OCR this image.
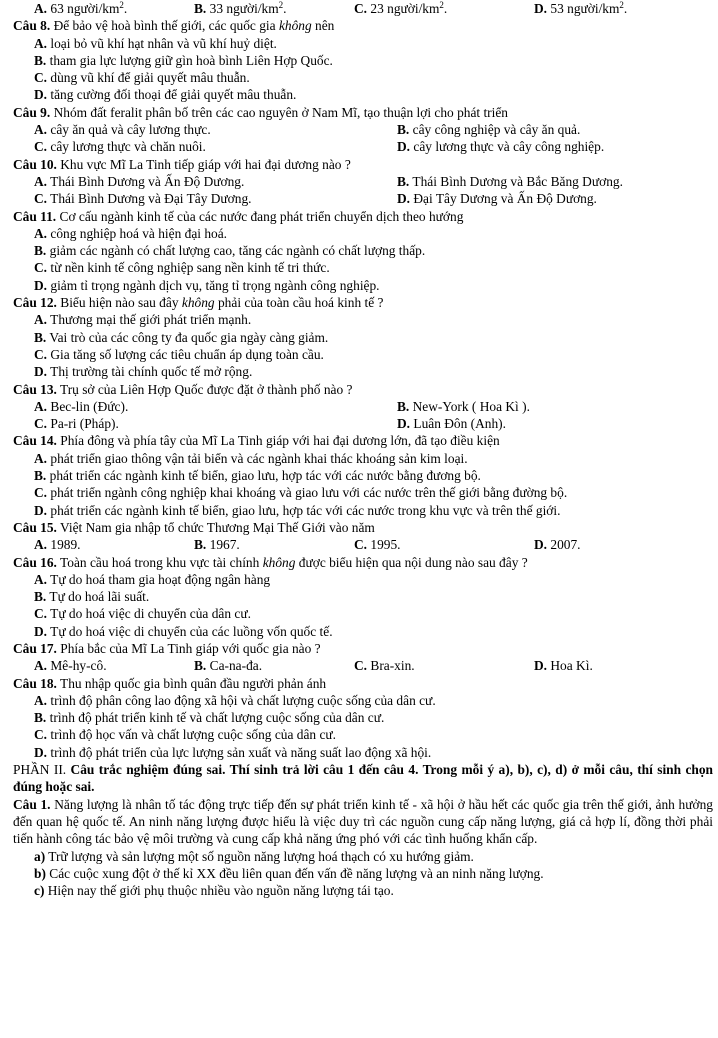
A. 63 người/$km^2$.	B. 33 người/$km^2$.	C. 23 người/$km^2$.	D. 53 người/$km^2$.
Câu 8. Để bảo vệ hoà bình thế giới, các quốc gia không nên
A. loại bỏ vũ khí hạt nhân và vũ khí huỷ diệt.
B. tham gia lực lượng giữ gìn hoà bình Liên Hợp Quốc.
C. dùng vũ khí để giải quyết mâu thuẫn.
D. tăng cường đối thoại để giải quyết mâu thuẫn.
Câu 9. Nhóm đất feralit phân bố trên các cao nguyên ở Nam Mĩ, tạo thuận lợi cho phát triển
A. cây ăn quả và cây lương thực.	B. cây công nghiệp và cây ăn quả.
C. cây lương thực và chăn nuôi.	D. cây lương thực và cây công nghiệp.
Câu 10. Khu vực Mĩ La Tinh tiếp giáp với hai đại dương nào ?
A. Thái Bình Dương và Ấn Độ Dương.	B. Thái Bình Dương và Bắc Băng Dương.
C. Thái Bình Dương và Đại Tây Dương.	D. Đại Tây Dương và Ấn Độ Dương.
Câu 11. Cơ cấu ngành kinh tế của các nước đang phát triển chuyển dịch theo hướng
A. công nghiệp hoá và hiện đại hoá.
B. giảm các ngành có chất lượng cao, tăng các ngành có chất lượng thấp.
C. từ nền kinh tế công nghiệp sang nền kinh tế tri thức.
D. giảm tỉ trọng ngành dịch vụ, tăng tỉ trọng ngành công nghiệp.
Câu 12. Biểu hiện nào sau đây không phải của toàn cầu hoá kinh tế ?
A. Thương mại thế giới phát triển mạnh.
B. Vai trò của các công ty đa quốc gia ngày càng giảm.
C. Gia tăng số lượng các tiêu chuẩn áp dụng toàn cầu.
D. Thị trường tài chính quốc tế mở rộng.
Câu 13. Trụ sở của Liên Hợp Quốc được đặt ở thành phố nào ?
A. Bec-lin (Đức).	B. New-York ( Hoa Kì ).
C. Pa-ri (Pháp).	D. Luân Đôn (Anh).
Câu 14. Phía đông và phía tây của Mĩ La Tinh giáp với hai đại dương lớn, đã tạo điều kiện
A. phát triển giao thông vận tải biển và các ngành khai thác khoáng sản kim loại.
B. phát triển các ngành kinh tế biển, giao lưu, hợp tác với các nước bằng đương bộ.
C. phát triển ngành công nghiệp khai khoáng và giao lưu với các nước trên thế giới bằng đường bộ.
D. phát triển các ngành kinh tế biển, giao lưu, hợp tác với các nước trong khu vực và trên thế giới.
Câu 15. Việt Nam gia nhập tổ chức Thương Mại Thế Giới vào năm
A. 1989.	B. 1967.	C. 1995.	D. 2007.
Câu 16. Toàn cầu hoá trong khu vực tài chính không được biểu hiện qua nội dung nào sau đây ?
A. Tự do hoá tham gia hoạt động ngân hàng
B. Tự do hoá lãi suất.
C. Tự do hoá việc di chuyển của dân cư.
D. Tự do hoá việc di chuyển của các luồng vốn quốc tế.
Câu 17. Phía bắc của Mĩ La Tinh giáp với quốc gia nào ?
A. Mê-hy-cô.	B. Ca-na-đa.	C. Bra-xin.	D. Hoa Kì.
Câu 18. Thu nhập quốc gia bình quân đầu người phản ánh
A. trình độ phân công lao động xã hội và chất lượng cuộc sống của dân cư.
B. trình độ phát triển kinh tế và chất lượng cuộc sống của dân cư.
C. trình độ học vấn và chất lượng cuộc sống của dân cư.
D. trình độ phát triển của lực lượng sản xuất và năng suất lao động xã hội.
PHẦN II. Câu trắc nghiệm đúng sai. Thí sinh trả lời câu 1 đến câu 4. Trong mỗi ý a), b), c), d) ở mỗi câu, thí sinh chọn đúng hoặc sai.
Câu 1. Năng lượng là nhân tố tác động trực tiếp đến sự phát triển kinh tế - xã hội ở hầu hết các quốc gia trên thế giới, ảnh hưởng đến quan hệ quốc tế. An ninh năng lượng được hiểu là việc duy trì các nguồn cung cấp năng lượng, giá cả hợp lí, đồng thời phải tiến hành công tác bảo vệ môi trường và cung cấp khả năng ứng phó với các tình huống khẩn cấp.
a) Trữ lượng và sản lượng một số nguồn năng lượng hoá thạch có xu hướng giảm.
b) Các cuộc xung đột ở thế kỉ XX đều liên quan đến vấn đề năng lượng và an ninh năng lượng.
c) Hiện nay thế giới phụ thuộc nhiều vào nguồn năng lượng tái tạo.
